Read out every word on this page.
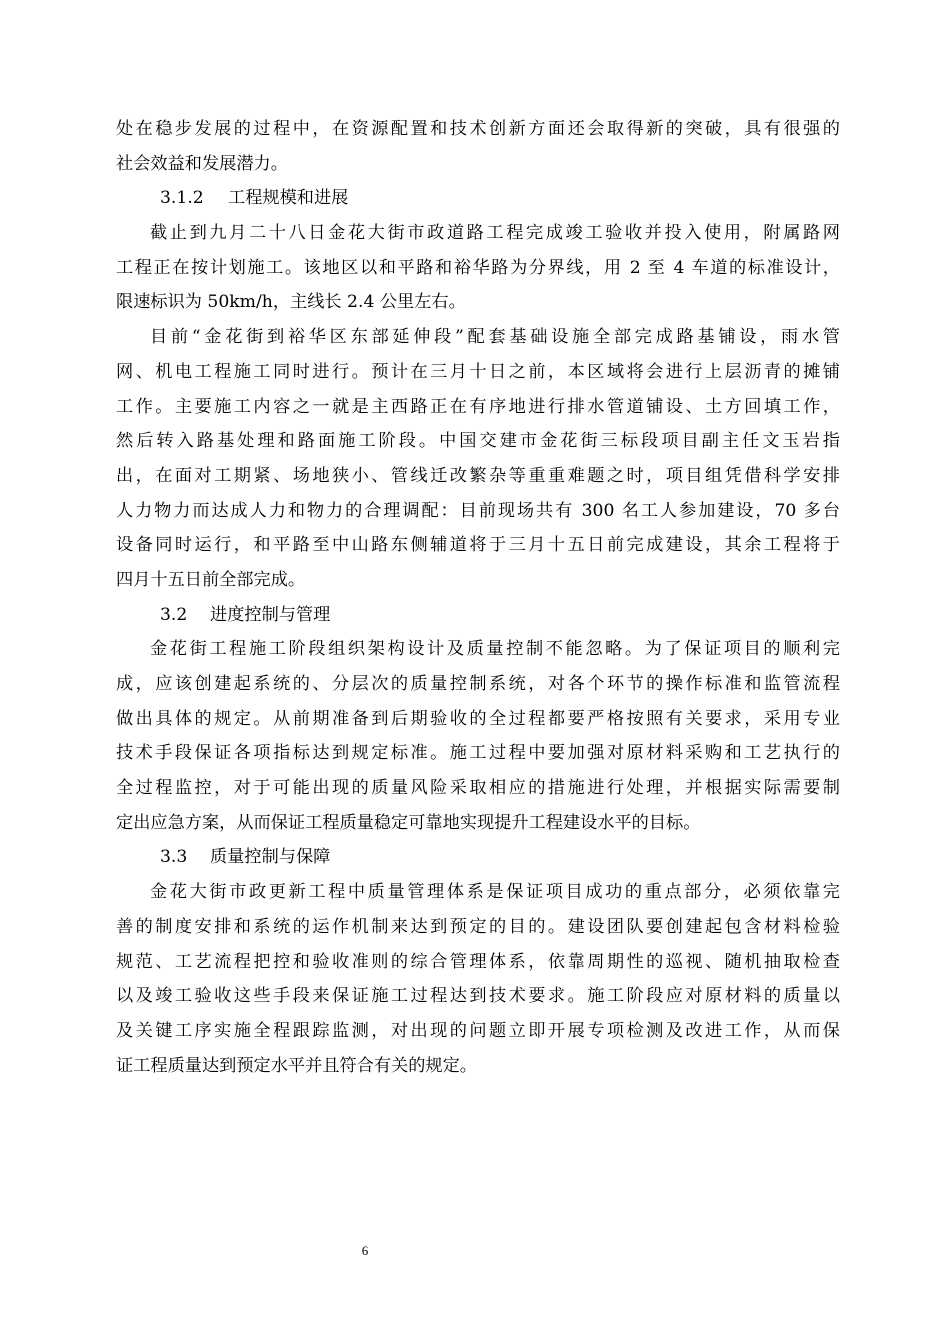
处在稳步发展的过程中，在资源配置和技术创新方面还会取得新的突破，具有很强的
社会效益和发展潜力。
3.1.2 工程规模和进展
截止到九月二十八日金花大街市政道路工程完成竣工验收并投入使用，附属路网
工程正在按计划施工。该地区以和平路和裕华路为分界线，用 2 至 4 车道的标准设计，
限速标识为 50km/h，主线长 2.4 公里左右。
目前“金花街到裕华区东部延伸段”配套基础设施全部完成路基铺设，雨水管
网、机电工程施工同时进行。预计在三月十日之前，本区域将会进行上层沥青的摊铺
工作。主要施工内容之一就是主西路正在有序地进行排水管道铺设、土方回填工作，
然后转入路基处理和路面施工阶段。中国交建市金花街三标段项目副主任文玉岩指
出，在面对工期紧、场地狭小、管线迁改繁杂等重重难题之时，项目组凭借科学安排
人力物力而达成人力和物力的合理调配：目前现场共有 300 名工人参加建设，70 多台
设备同时运行，和平路至中山路东侧辅道将于三月十五日前完成建设，其余工程将于
四月十五日前全部完成。
3.2 进度控制与管理
金花街工程施工阶段组织架构设计及质量控制不能忽略。为了保证项目的顺利完
成，应该创建起系统的、分层次的质量控制系统，对各个环节的操作标准和监管流程
做出具体的规定。从前期准备到后期验收的全过程都要严格按照有关要求，采用专业
技术手段保证各项指标达到规定标准。施工过程中要加强对原材料采购和工艺执行的
全过程监控，对于可能出现的质量风险采取相应的措施进行处理，并根据实际需要制
定出应急方案，从而保证工程质量稳定可靠地实现提升工程建设水平的目标。
3.3 质量控制与保障
金花大街市政更新工程中质量管理体系是保证项目成功的重点部分，必须依靠完
善的制度安排和系统的运作机制来达到预定的目的。建设团队要创建起包含材料检验
规范、工艺流程把控和验收准则的综合管理体系，依靠周期性的巡视、随机抽取检查
以及竣工验收这些手段来保证施工过程达到技术要求。施工阶段应对原材料的质量以
及关键工序实施全程跟踪监测，对出现的问题立即开展专项检测及改进工作，从而保
证工程质量达到预定水平并且符合有关的规定。
6
